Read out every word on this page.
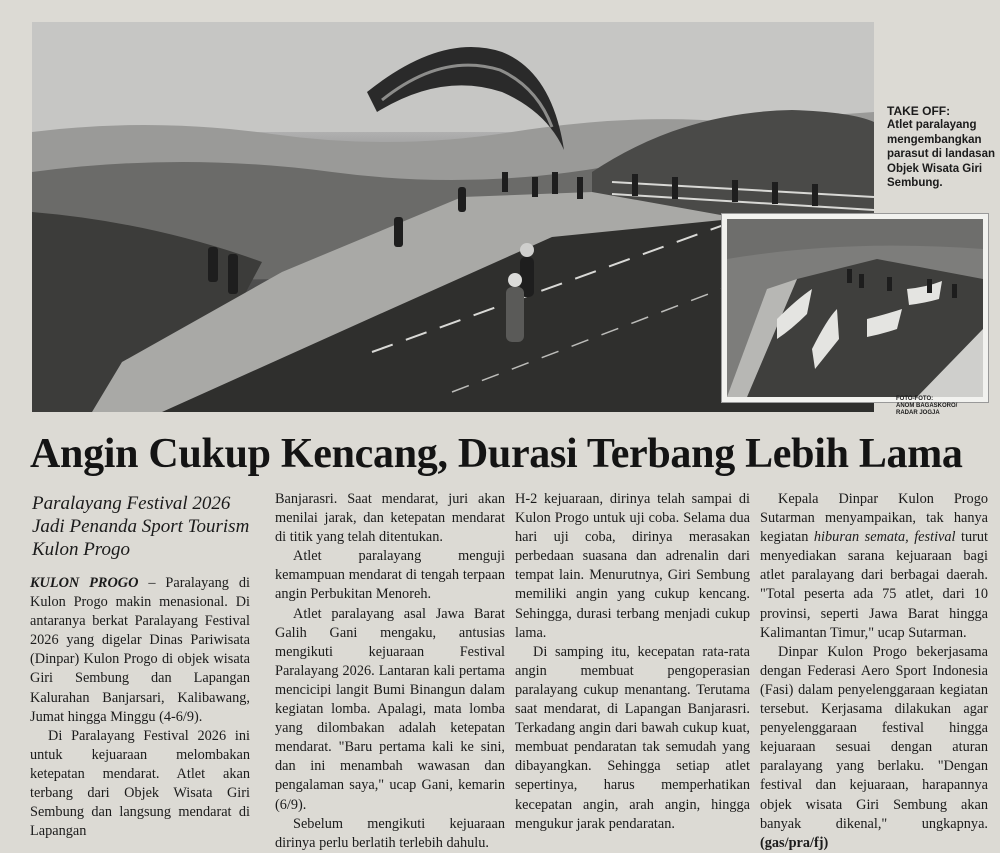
TAKE OFF:
Atlet paralayang mengembangkan parasut di landasan Objek Wisata Giri Sembung.
FOTO-FOTO:
ANOM BAGASKORO/
RADAR JOGJA
Angin Cukup Kencang, Durasi Terbang Lebih Lama

Paralayang Festival 2026 Jadi Penanda Sport Tourism Kulon Progo

KULON PROGO – Paralayang di Kulon Progo makin menasional. Di antaranya berkat Paralayang Festival 2026 yang digelar Dinas Pariwisata (Dinpar) Kulon Progo di objek wisata Giri Sembung dan Lapangan Kalurahan Banjarsari, Kalibawang, Jumat hingga Minggu (4-6/9).

Di Paralayang Festival 2026 ini untuk kejuaraan melombakan ketepatan mendarat. Atlet akan terbang dari Objek Wisata Giri Sembung dan langsung mendarat di Lapangan

Banjarasri. Saat mendarat, juri akan menilai jarak, dan ketepatan mendarat di titik yang telah ditentukan.

Atlet paralayang menguji kemampuan mendarat di tengah terpaan angin Perbukitan Menoreh.

Atlet paralayang asal Jawa Barat Galih Gani mengaku, antusias mengikuti kejuaraan Festival Paralayang 2026. Lantaran kali pertama mencicipi langit Bumi Binangun dalam kegiatan lomba. Apalagi, mata lomba yang dilombakan adalah ketepatan mendarat. "Baru pertama kali ke sini, dan ini menambah wawasan dan pengalaman saya," ucap Gani, kemarin (6/9).

Sebelum mengikuti kejuaraan dirinya perlu berlatih terlebih dahulu.

H-2 kejuaraan, dirinya telah sampai di Kulon Progo untuk uji coba. Selama dua hari uji coba, dirinya merasakan perbedaan suasana dan adrenalin dari tempat lain. Menurutnya, Giri Sembung memiliki angin yang cukup kencang. Sehingga, durasi terbang menjadi cukup lama.

Di samping itu, kecepatan rata-rata angin membuat pengoperasian paralayang cukup menantang. Terutama saat mendarat, di Lapangan Banjarasri. Terkadang angin dari bawah cukup kuat, membuat pendaratan tak semudah yang dibayangkan. Sehingga setiap atlet sepertinya, harus memperhatikan kecepatan angin, arah angin, hingga mengukur jarak pendaratan.

Kepala Dinpar Kulon Progo Sutarman menyampaikan, tak hanya kegiatan hiburan semata, festival turut menyediakan sarana kejuaraan bagi atlet paralayang dari berbagai daerah. "Total peserta ada 75 atlet, dari 10 provinsi, seperti Jawa Barat hingga Kalimantan Timur," ucap Sutarman.

Dinpar Kulon Progo bekerjasama dengan Federasi Aero Sport Indonesia (Fasi) dalam penyelenggaraan kegiatan tersebut. Kerjasama dilakukan agar penyelenggaraan festival hingga kejuaraan sesuai dengan aturan paralayang yang berlaku. "Dengan festival dan kejuaraan, harapannya objek wisata Giri Sembung akan banyak dikenal," ungkapnya. (gas/pra/fj)
